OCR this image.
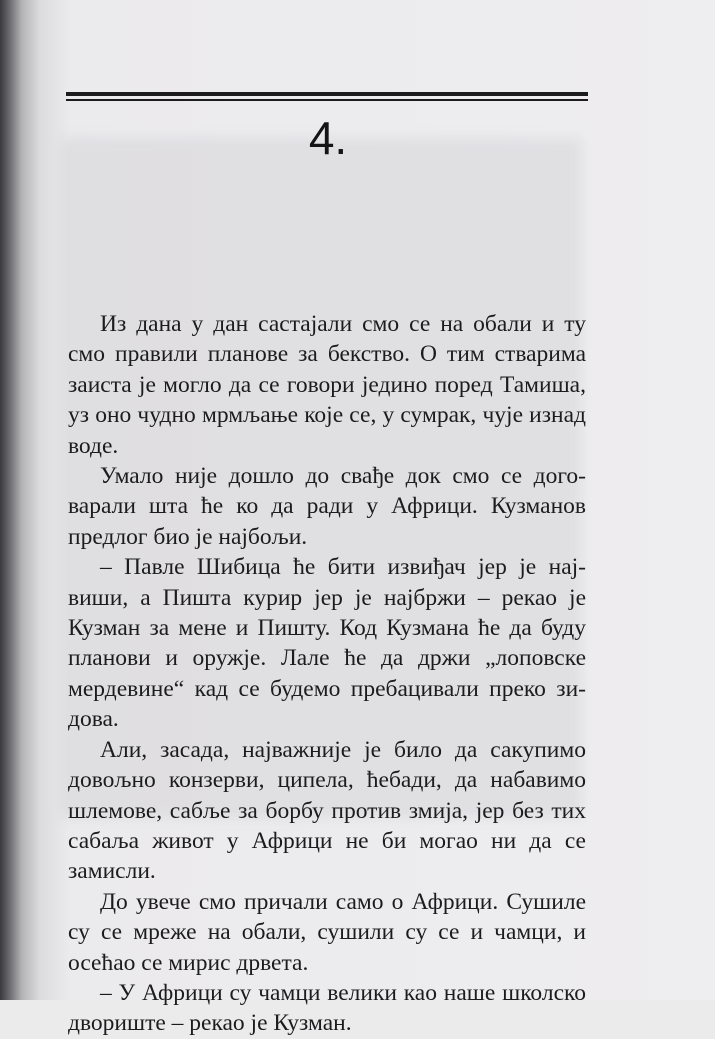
4.

Из дана у дан састајали смо се на обали и ту смо правили планове за бекство. О тим стварима заиста је могло да се говори једино поред Тамиша, уз оно чудно мрмљање које се, у сумрак, чује изнад воде.

Умало није дошло до свађе док смо се договарали шта ће ко да ради у Африци. Кузманов предлог био је најбољи.

– Павле Шибица ће бити извиђач јер је највиши, а Пишта курир јер је најбржи – рекао је Кузман за мене и Пишту. Код Кузмана ће да буду планови и оружје. Лале ће да држи „лоповске мердевине“ кад се будемо пребацивали преко зидова.

Али, засада, најважније је било да сакупимо довољно конзерви, ципела, ћебади, да набавимо шлемове, сабље за борбу против змија, јер без тих сабаља живот у Африци не би могао ни да се замисли.

До увече смо причали само о Африци. Сушиле су се мреже на обали, сушили су се и чамци, и осећао се мирис дрвета.

– У Африци су чамци велики као наше школско двориште – рекао је Кузман.
